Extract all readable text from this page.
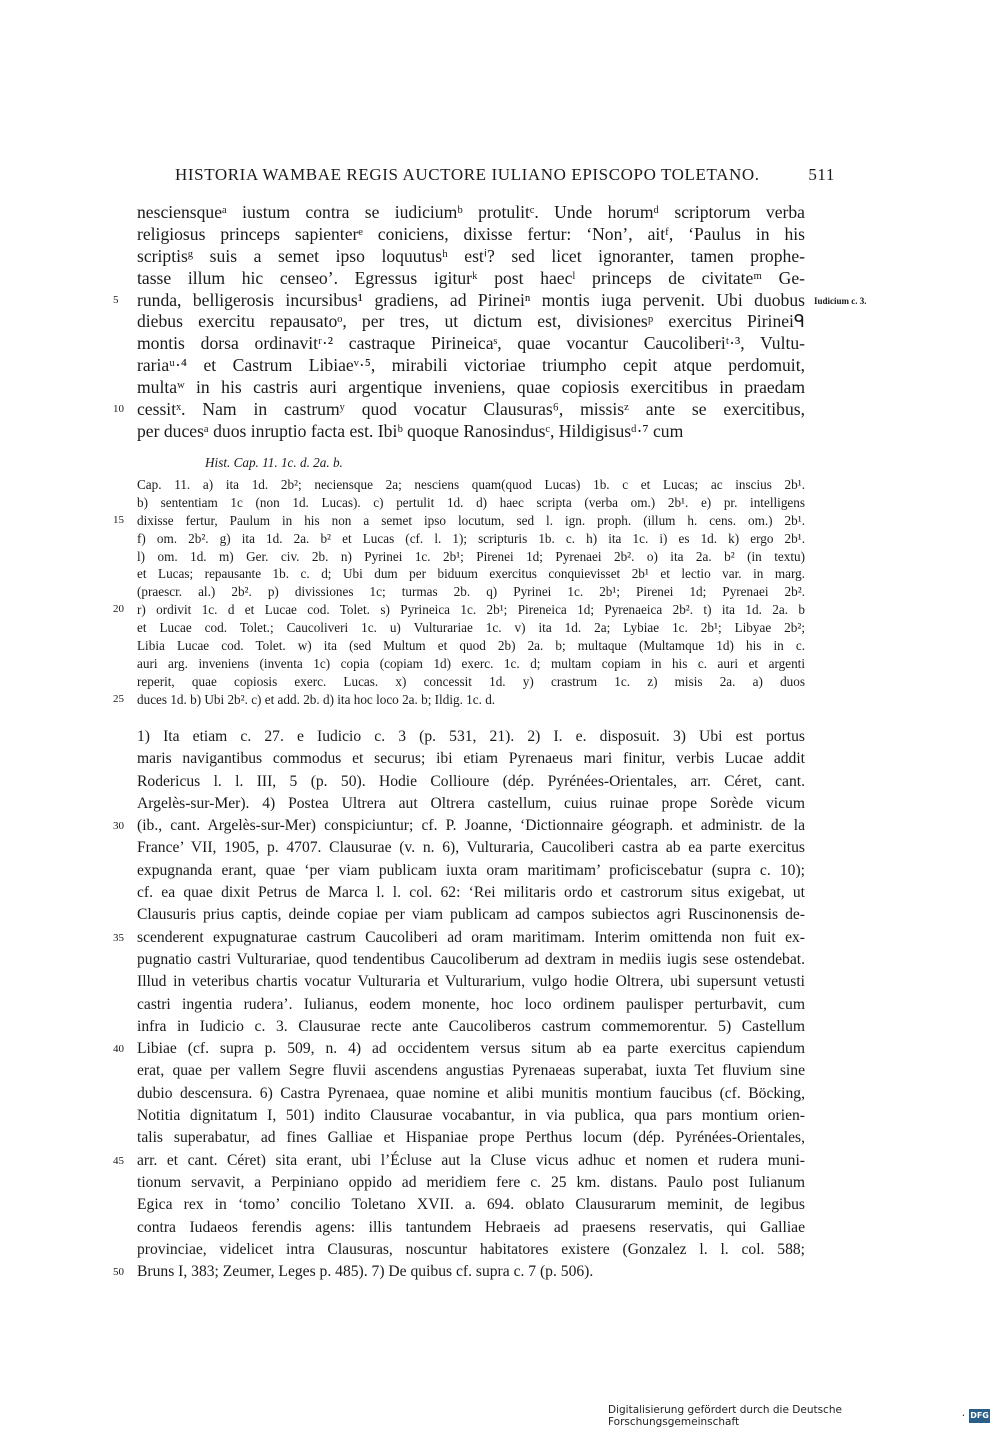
HISTORIA WAMBAE REGIS AUCTORE IULIANO EPISCOPO TOLETANO.	511
nesciensqueᵃ iustum contra se iudiciumᵇ protulitᶜ. Unde horumᵈ scriptorum verba
religiosus princeps sapienterᵉ coniciens, dixisse fertur: ‘Non’, aitᶠ, ‘Paulus in his
scriptisᵍ suis a semet ipso loquutusʰ estⁱ? sed licet ignoranter, tamen prophe-
tasse illum hic censeo’. Egressus igiturᵏ post haecˡ princeps de civitateᵐ Ge-
runda, belligerosis incursibus¹ gradiens, ad Pirineiⁿ montis iuga pervenit. Ubi duobus
5
diebus exercitu repausatoᵒ, per tres, ut dictum est, divisionesᵖ exercitus Pirineiᑫ
montis dorsa ordinavitʳ·² castraque Pirineicaˢ, quae vocantur Caucoliberiᵗ·³, Vultu-
rariaᵘ·⁴ et Castrum Libiaeᵛ·⁵, mirabili victoriae triumpho cepit atque perdomuit,
multaʷ in his castris auri argentique inveniens, quae copiosis exercitibus in praedam
cessitˣ. Nam in castrumʸ quod vocatur Clausuras⁶, missisᶻ ante se exercitibus,
10
per ducesᵃ duos inruptio facta est. Ibiᵇ quoque Ranosindusᶜ, Hildigisusᵈ·⁷ cum
Iudicium c. 3.
Hist. Cap. 11. 1c. d. 2a. b.
Cap. 11. a) ita 1d. 2b²; neciensque 2a; nesciens quam(quod Lucas) 1b. c et Lucas; ac inscius 2b¹.
b) sententiam 1c (non 1d. Lucas). c) pertulit 1d. d) haec scripta (verba om.) 2b¹. e) pr. intelligens
dixisse fertur, Paulum in his non a semet ipso locutum, sed l. ign. proph. (illum h. cens. om.) 2b¹.
15
f) om. 2b². g) ita 1d. 2a. b² et Lucas (cf. l. 1); scripturis 1b. c. h) ita 1c. i) es 1d. k) ergo 2b¹.
l) om. 1d. m) Ger. civ. 2b. n) Pyrinei 1c. 2b¹; Pirenei 1d; Pyrenaei 2b². o) ita 2a. b² (in textu)
et Lucas; repausante 1b. c. d; Ubi dum per biduum exercitus conquievisset 2b¹ et lectio var. in marg.
(praescr. al.) 2b². p) divissiones 1c; turmas 2b. q) Pyrinei 1c. 2b¹; Pirenei 1d; Pyrenaei 2b².
r) ordivit 1c. d et Lucae cod. Tolet. s) Pyrineica 1c. 2b¹; Pireneica 1d; Pyrenaeica 2b². t) ita 1d. 2a. b
20
et Lucae cod. Tolet.; Caucoliveri 1c. u) Vulturariae 1c. v) ita 1d. 2a; Lybiae 1c. 2b¹; Libyae 2b²;
Libia Lucae cod. Tolet. w) ita (sed Multum et quod 2b) 2a. b; multaque (Multamque 1d) his in c.
auri arg. inveniens (inventa 1c) copia (copiam 1d) exerc. 1c. d; multam copiam in his c. auri et argenti
reperit, quae copiosis exerc. Lucas. x) concessit 1d. y) crastrum 1c. z) misis 2a. a) duos
duces 1d. b) Ubi 2b². c) et add. 2b. d) ita hoc loco 2a. b; Ildig. 1c. d.
25
1) Ita etiam c. 27. e Iudicio c. 3 (p. 531, 21). 2) I. e. disposuit. 3) Ubi est portus
maris navigantibus commodus et securus; ibi etiam Pyrenaeus mari finitur, verbis Lucae addit
Rodericus l. l. III, 5 (p. 50). Hodie Collioure (dép. Pyrénées-Orientales, arr. Céret, cant.
Argelès-sur-Mer). 4) Postea Ultrera aut Oltrera castellum, cuius ruinae prope Sorède vicum
(ib., cant. Argelès-sur-Mer) conspiciuntur; cf. P. Joanne, ‘Dictionnaire géograph. et administr. de la
30
France’ VII, 1905, p. 4707. Clausurae (v. n. 6), Vulturaria, Caucoliberi castra ab ea parte exercitus
expugnanda erant, quae ‘per viam publicam iuxta oram maritimam’ proficiscebatur (supra c. 10);
cf. ea quae dixit Petrus de Marca l. l. col. 62: ‘Rei militaris ordo et castrorum situs exigebat, ut
Clausuris prius captis, deinde copiae per viam publicam ad campos subiectos agri Ruscinonensis de-
scenderent expugnaturae castrum Caucoliberi ad oram maritimam. Interim omittenda non fuit ex-
35
pugnatio castri Vulturariae, quod tendentibus Caucoliberum ad dextram in mediis iugis sese ostendebat.
Illud in veteribus chartis vocatur Vulturaria et Vulturarium, vulgo hodie Oltrera, ubi supersunt vetusti
castri ingentia rudera’. Iulianus, eodem monente, hoc loco ordinem paulisper perturbavit, cum
infra in Iudicio c. 3. Clausurae recte ante Caucoliberos castrum commemorentur. 5) Castellum
Libiae (cf. supra p. 509, n. 4) ad occidentem versus situm ab ea parte exercitus capiendum
40
erat, quae per vallem Segre fluvii ascendens angustias Pyrenaeas superabat, iuxta Tet fluvium sine
dubio descensura. 6) Castra Pyrenaea, quae nomine et alibi munitis montium faucibus (cf. Böcking,
Notitia dignitatum I, 501) indito Clausurae vocabantur, in via publica, qua pars montium orien-
talis superabatur, ad fines Galliae et Hispaniae prope Perthus locum (dép. Pyrénées-Orientales,
arr. et cant. Céret) sita erant, ubi l’Écluse aut la Cluse vicus adhuc et nomen et rudera muni-
45
tionum servavit, a Perpiniano oppido ad meridiem fere c. 25 km. distans. Paulo post Iulianum
Egica rex in ‘tomo’ concilio Toletano XVII. a. 694. oblato Clausurarum meminit, de legibus
contra Iudaeos ferendis agens: illis tantundem Hebraeis ad praesens reservatis, qui Galliae
provinciae, videlicet intra Clausuras, noscuntur habitatores existere (Gonzalez l. l. col. 588;
Bruns I, 383; Zeumer, Leges p. 485). 7) De quibus cf. supra c. 7 (p. 506).
50
Digitalisierung gefördert durch die Deutsche Forschungsgemeinschaft	· DFG
